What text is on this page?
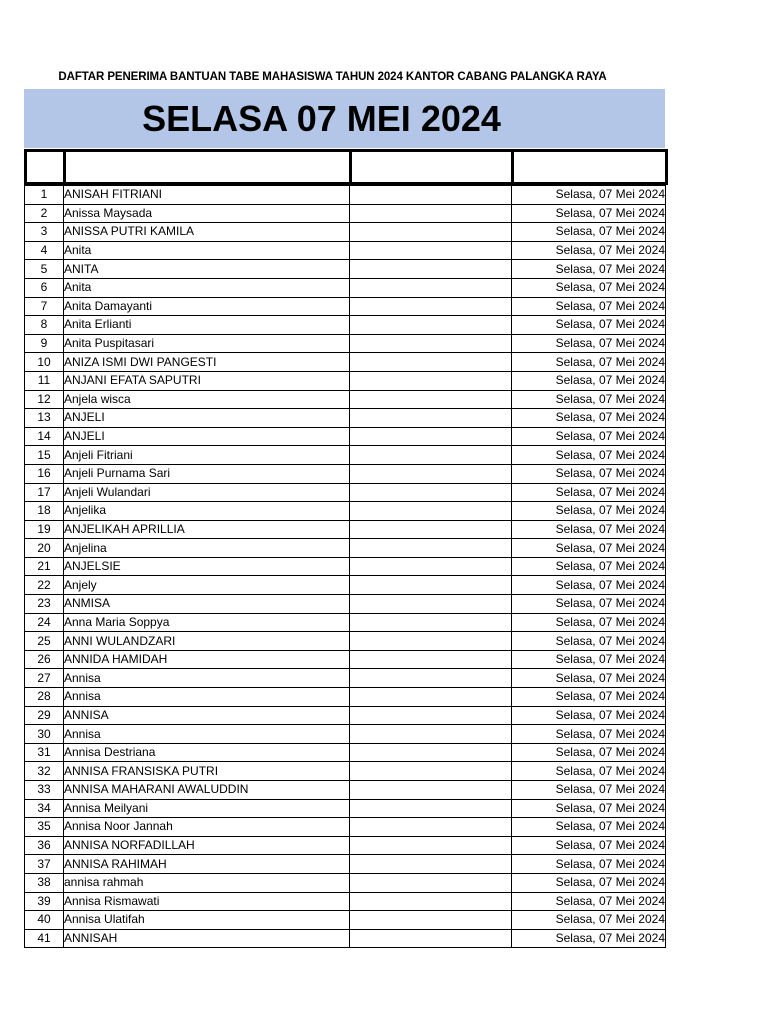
DAFTAR PENERIMA BANTUAN TABE MAHASISWA TAHUN 2024 KANTOR CABANG PALANGKA RAYA
SELASA 07 MEI 2024

1	ANISAH FITRIANI		Selasa, 07 Mei 2024
2	Anissa Maysada		Selasa, 07 Mei 2024
3	ANISSA PUTRI KAMILA		Selasa, 07 Mei 2024
4	Anita		Selasa, 07 Mei 2024
5	ANITA		Selasa, 07 Mei 2024
6	Anita		Selasa, 07 Mei 2024
7	Anita Damayanti		Selasa, 07 Mei 2024
8	Anita Erlianti		Selasa, 07 Mei 2024
9	Anita Puspitasari		Selasa, 07 Mei 2024
10	ANIZA ISMI DWI PANGESTI		Selasa, 07 Mei 2024
11	ANJANI EFATA SAPUTRI		Selasa, 07 Mei 2024
12	Anjela wisca		Selasa, 07 Mei 2024
13	ANJELI		Selasa, 07 Mei 2024
14	ANJELI		Selasa, 07 Mei 2024
15	Anjeli Fitriani		Selasa, 07 Mei 2024
16	Anjeli Purnama Sari		Selasa, 07 Mei 2024
17	Anjeli Wulandari		Selasa, 07 Mei 2024
18	Anjelika		Selasa, 07 Mei 2024
19	ANJELIKAH APRILLIA		Selasa, 07 Mei 2024
20	Anjelina		Selasa, 07 Mei 2024
21	ANJELSIE		Selasa, 07 Mei 2024
22	Anjely		Selasa, 07 Mei 2024
23	ANMISA		Selasa, 07 Mei 2024
24	Anna Maria Soppya		Selasa, 07 Mei 2024
25	ANNI WULANDZARI		Selasa, 07 Mei 2024
26	ANNIDA HAMIDAH		Selasa, 07 Mei 2024
27	Annisa		Selasa, 07 Mei 2024
28	Annisa		Selasa, 07 Mei 2024
29	ANNISA		Selasa, 07 Mei 2024
30	Annisa		Selasa, 07 Mei 2024
31	Annisa Destriana		Selasa, 07 Mei 2024
32	ANNISA FRANSISKA PUTRI		Selasa, 07 Mei 2024
33	ANNISA MAHARANI AWALUDDIN		Selasa, 07 Mei 2024
34	Annisa Meilyani		Selasa, 07 Mei 2024
35	Annisa Noor Jannah		Selasa, 07 Mei 2024
36	ANNISA NORFADILLAH		Selasa, 07 Mei 2024
37	ANNISA RAHIMAH		Selasa, 07 Mei 2024
38	annisa rahmah		Selasa, 07 Mei 2024
39	Annisa Rismawati		Selasa, 07 Mei 2024
40	Annisa Ulatifah		Selasa, 07 Mei 2024
41	ANNISAH		Selasa, 07 Mei 2024
